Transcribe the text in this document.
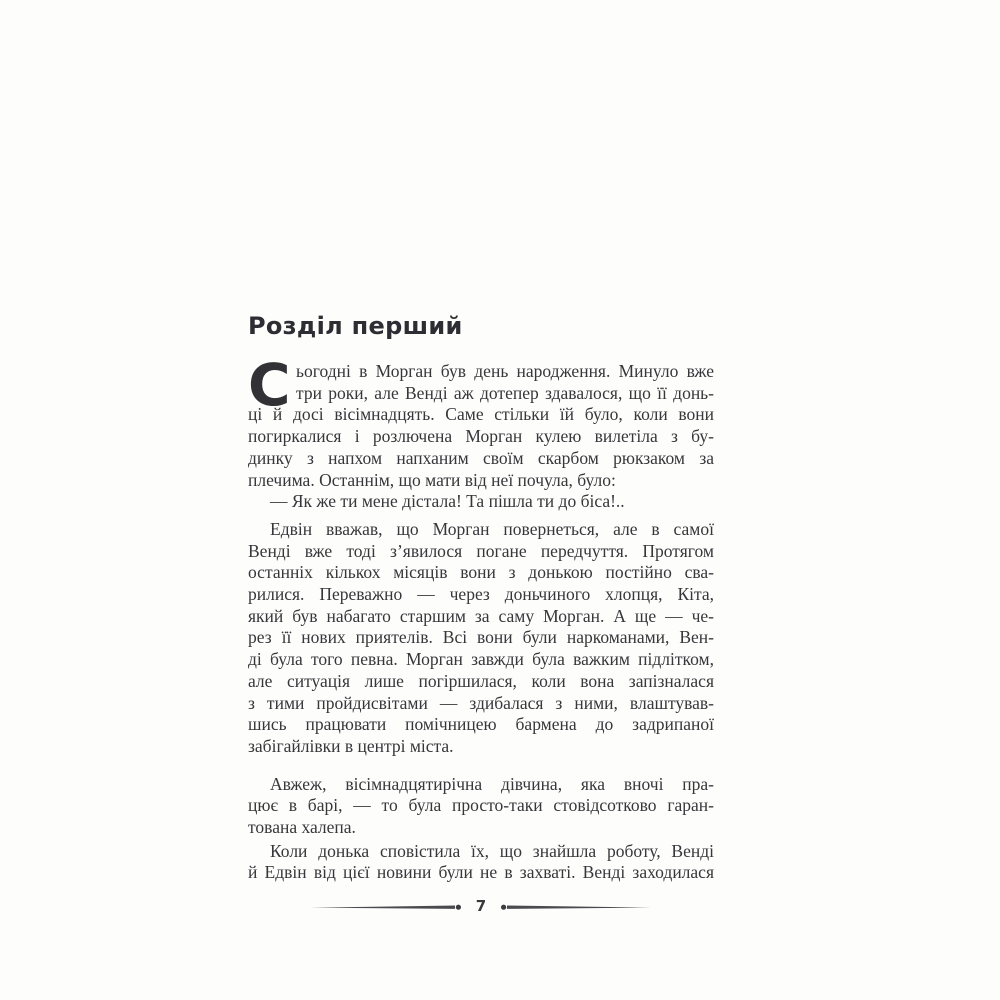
Розділ перший
С ьогодні в Морган був день народження. Минуло вже
три роки, але Венді аж дотепер здавалося, що її донь-
ці й досі вісімнадцять. Саме стільки їй було, коли вони
погиркалися і розлючена Морган кулею вилетіла з бу-
динку з напхом напханим своїм скарбом рюкзаком за
плечима. Останнім, що мати від неї почула, було:
— Як же ти мене дістала! Та пішла ти до біса!..
Едвін вважав, що Морган повернеться, але в самої
Венді вже тоді з’явилося погане передчуття. Протягом
останніх кількох місяців вони з донькою постійно сва-
рилися. Переважно — через доньчиного хлопця, Кіта,
який був набагато старшим за саму Морган. А ще — че-
рез її нових приятелів. Всі вони були наркоманами, Вен-
ді була того певна. Морган завжди була важким підлітком,
але ситуація лише погіршилася, коли вона запізналася
з тими пройдисвітами — здибалася з ними, влаштував-
шись працювати помічницею бармена до задрипаної
забігайлівки в центрі міста.
Авжеж, вісімнадцятирічна дівчина, яка вночі пра-
цює в барі, — то була просто-таки стовідсотково гаран-
тована халепа.
Коли донька сповістила їх, що знайшла роботу, Венді
й Едвін від цієї новини були не в захваті. Венді заходилася
7
